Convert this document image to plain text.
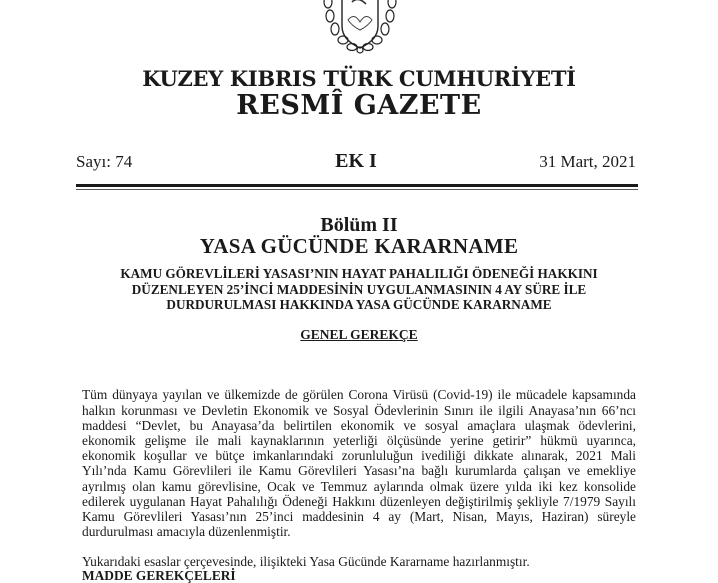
KUZEY KIBRIS TÜRK CUMHURİYETİ
RESMÎ GAZETE
Sayı: 74	EK I	31 Mart, 2021
Bölüm II
YASA GÜCÜNDE KARARNAME
KAMU GÖREVLİLERİ YASASI’NIN HAYAT PAHALILIĞI ÖDENEĞİ HAKKINI
DÜZENLEYEN 25’İNCİ MADDESİNİN UYGULANMASININ 4 AY SÜRE İLE
DURDURULMASI HAKKINDA YASA GÜCÜNDE KARARNAME
GENEL GEREKÇE

Tüm dünyaya yayılan ve ülkemizde de görülen Corona Virüsü (Covid-19) ile mücadele kapsamında halkın korunması ve Devletin Ekonomik ve Sosyal Ödevlerinin Sınırı ile ilgili Anayasa’nın 66’ncı maddesi “Devlet, bu Anayasa’da belirtilen ekonomik ve sosyal amaçlara ulaşmak ödevlerini, ekonomik gelişme ile mali kaynaklarının yeterliği ölçüsünde yerine getirir” hükmü uyarınca, ekonomik koşullar ve bütçe imkanlarındaki zorunluluğun ivediliği dikkate alınarak, 2021 Mali Yılı’nda Kamu Görevlileri ile Kamu Görevlileri Yasası’na bağlı kurumlarda çalışan ve emekliye ayrılmış olan kamu görevlisine, Ocak ve Temmuz aylarında olmak üzere yılda iki kez konsolide edilerek uygulanan Hayat Pahalılığı Ödeneği Hakkını düzenleyen değiştirilmiş şekliyle 7/1979 Sayılı Kamu Görevlileri Yasası’nın 25’inci maddesinin 4 ay (Mart, Nisan, Mayıs, Haziran) süreyle durdurulması amacıyla düzenlenmiştir.

Yukarıdaki esaslar çerçevesinde, ilişikteki Yasa Gücünde Kararname hazırlanmıştır.

MADDE GEREKÇELERİ
